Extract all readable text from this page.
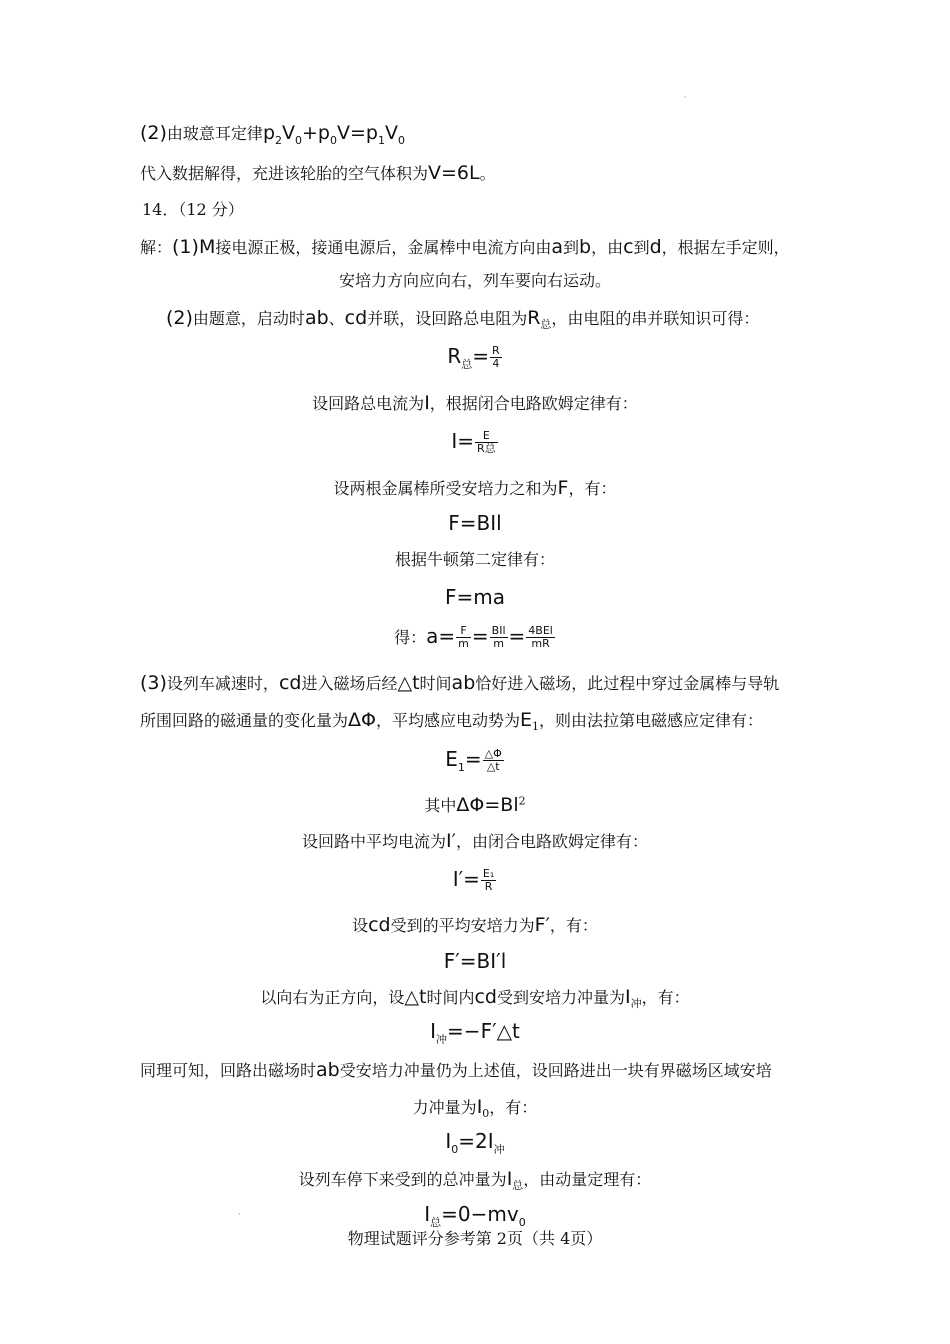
·
(2)由玻意耳定律$p_2V_0+p_0V=p_1V_0$
代入数据解得，充进该轮胎的空气体积为V=6L。
14．（12 分）
解：(1)M接电源正极，接通电源后，金属棒中电流方向由a到b，由c到d，根据左手定则，
安培力方向应向右，列车要向右运动。
(2)由题意，启动时ab、cd并联，设回路总电阻为$R_总$，由电阻的串并联知识可得：
$R_总= \frac{R}{4}$
设回路总电流为I，根据闭合电路欧姆定律有：
I= E
R总
设两根金属棒所受安培力之和为F，有：
F=BIl
根据牛顿第二定律有：
F=ma
得：$a= \frac{F}{m}$ = BIl
m = 4BEl
mR
(3)设列车减速时，cd进入磁场后经△t时间ab恰好进入磁场，此过程中穿过金属棒与导轨
所围回路的磁通量的变化量为ΔΦ，平均感应电动势为$E_1$，则由法拉第电磁感应定律有：
$E_1= \frac{\triangle\Phi}{\triangle t}$
其中$\Delta\Phi=Bl^2$
设回路中平均电流为I′，由闭合电路欧姆定律有：
$I'= \frac{\text{E₁}}{R}$
设cd受到的平均安培力为F′，有：
F′=BI′l
以向右为正方向，设△t时间内cd受到安培力冲量为$I_冲$，有：
$I_冲=-F'\triangle t$
同理可知，回路出磁场时ab受安培力冲量仍为上述值，设回路进出一块有界磁场区域安培
力冲量为$I_0$，有：
$I_0=2I_冲$
设列车停下来受到的总冲量为$I_总$，由动量定理有：
$I_总=0-mv_0$
·
物理试题评分参考第 2页（共 4页）
